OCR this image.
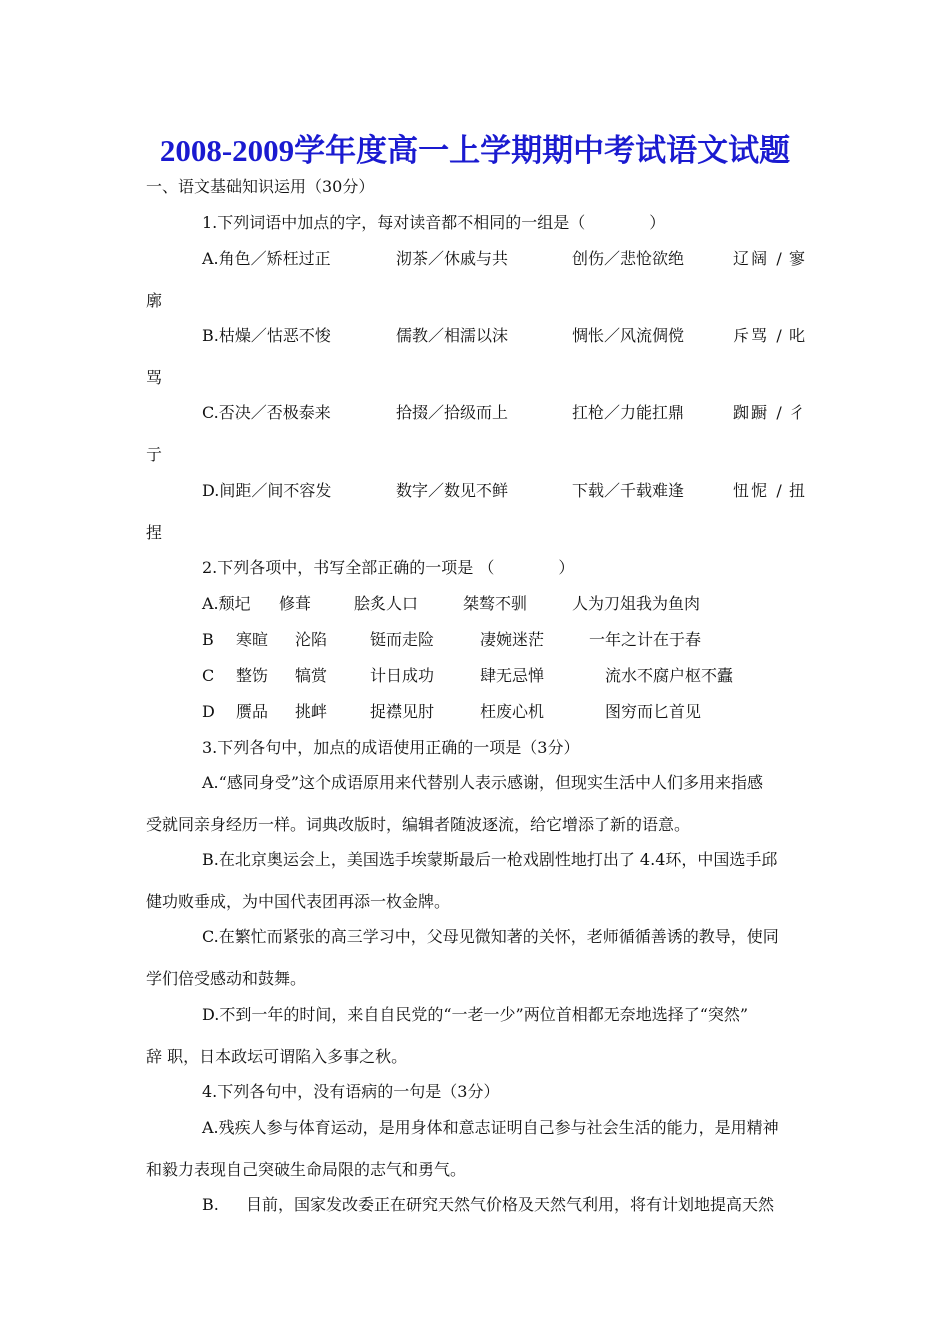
2008-2009学年度高一上学期期中考试语文试题
一、语文基础知识运用（30分）
1.下列词语中加点的字，每对读音都不相同的一组是（　　　　）
A.角色／矫枉过正	沏茶／休戚与共	创伤／悲怆欲绝	辽阔 / 寥
廓
B.枯燥／怙恶不悛	儒教／相濡以沫	惆怅／风流倜傥	斥骂 / 叱
骂
C.否决／否极泰来	拾掇／拾级而上	扛枪／力能扛鼎	踟蹰 / 彳
亍
D.间距／间不容发	数字／数见不鲜	下载／千载难逢	忸怩 / 扭
捏
2.下列各项中，书写全部正确的一项是 （　　　　）
A.颓圮 修葺	脍炙人口	桀骜不驯	人为刀俎我为鱼肉
B 寒暄 沦陷	铤而走险	凄婉迷茫	一年之计在于春
C 整饬 犒赏	计日成功	肆无忌惮	流水不腐户枢不蠹
D 赝品 挑衅	捉襟见肘	枉废心机	图穷而匕首见
3.下列各句中，加点的成语使用正确的一项是（3分）
A.“感同身受”这个成语原用来代替别人表示感谢，但现实生活中人们多用来指感
受就同亲身经历一样。词典改版时，编辑者随波逐流，给它增添了新的语意。
B.在北京奥运会上，美国选手埃蒙斯最后一枪戏剧性地打出了 4.4环，中国选手邱
健功败垂成，为中国代表团再添一枚金牌。
C.在繁忙而紧张的高三学习中，父母见微知著的关怀，老师循循善诱的教导，使同
学们倍受感动和鼓舞。
D.不到一年的时间，来自自民党的“一老一少”两位首相都无奈地选择了“突然”
辞 职，日本政坛可谓陷入多事之秋。
4.下列各句中，没有语病的一句是（3分）
A.残疾人参与体育运动，是用身体和意志证明自己参与社会生活的能力，是用精神
和毅力表现自己突破生命局限的志气和勇气。
B. 目前，国家发改委正在研究天然气价格及天然气利用，将有计划地提高天然
